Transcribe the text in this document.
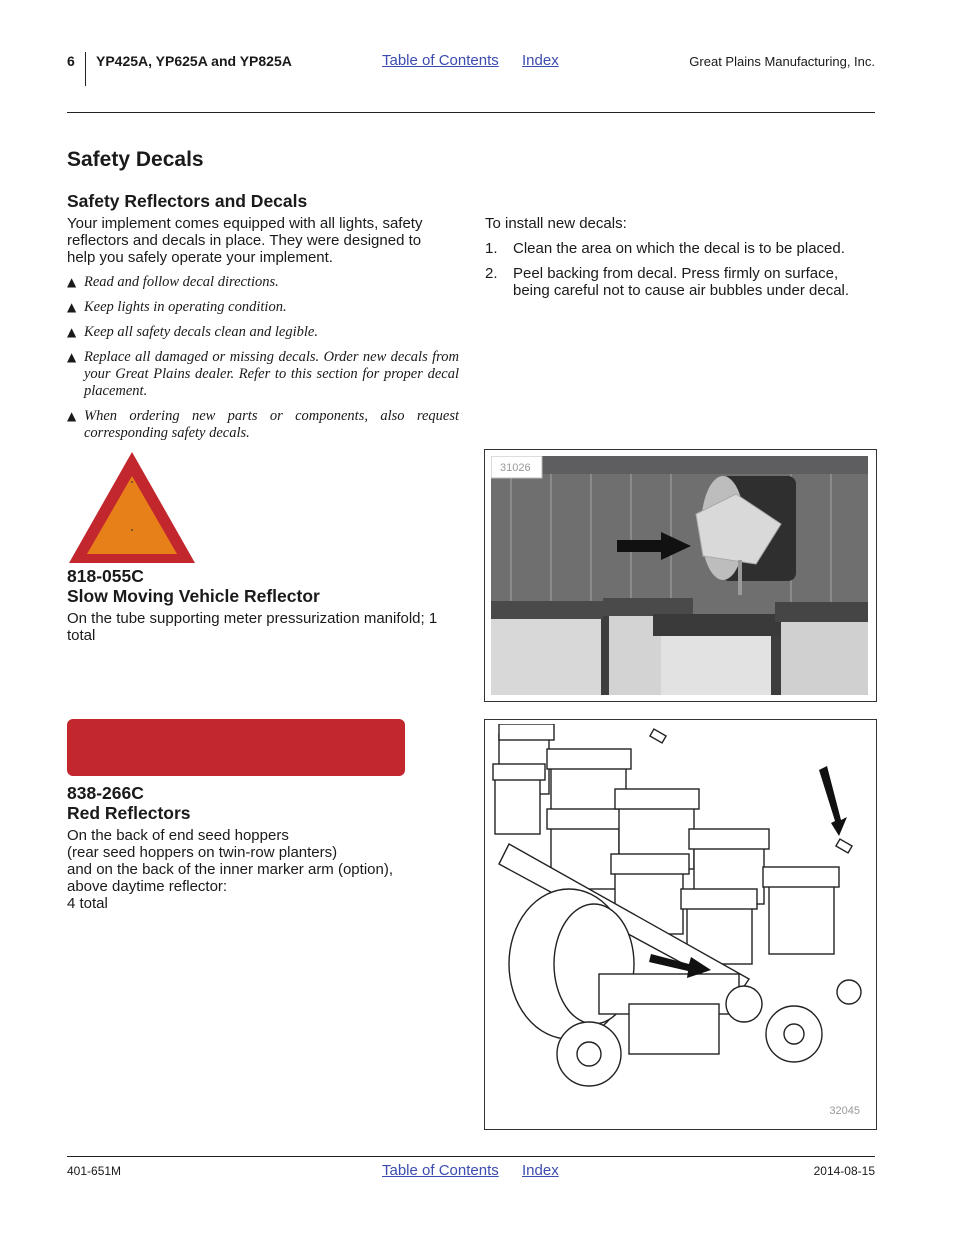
6 YP425A, YP625A and YP825A	Table of Contents Index	Great Plains Manufacturing, Inc.
Safety Decals
Safety Reflectors and Decals
Your implement comes equipped with all lights, safety reflectors and decals in place. They were designed to help you safely operate your implement.
▲ Read and follow decal directions.
▲ Keep lights in operating condition.
▲ Keep all safety decals clean and legible.
▲ Replace all damaged or missing decals. Order new decals from your Great Plains dealer. Refer to this section for proper decal placement.
▲ When ordering new parts or components, also request corresponding safety decals.
To install new decals:
1. Clean the area on which the decal is to be placed.
2. Peel backing from decal. Press firmly on surface, being careful not to cause air bubbles under decal.
818-055C
Slow Moving Vehicle Reflector
On the tube supporting meter pressurization manifold; 1 total
31026
838-266C
Red Reflectors
On the back of end seed hoppers
(rear seed hoppers on twin-row planters)
and on the back of the inner marker arm (option),
above daytime reflector:
4 total
32045
401-651M	Table of Contents Index	2014-08-15
